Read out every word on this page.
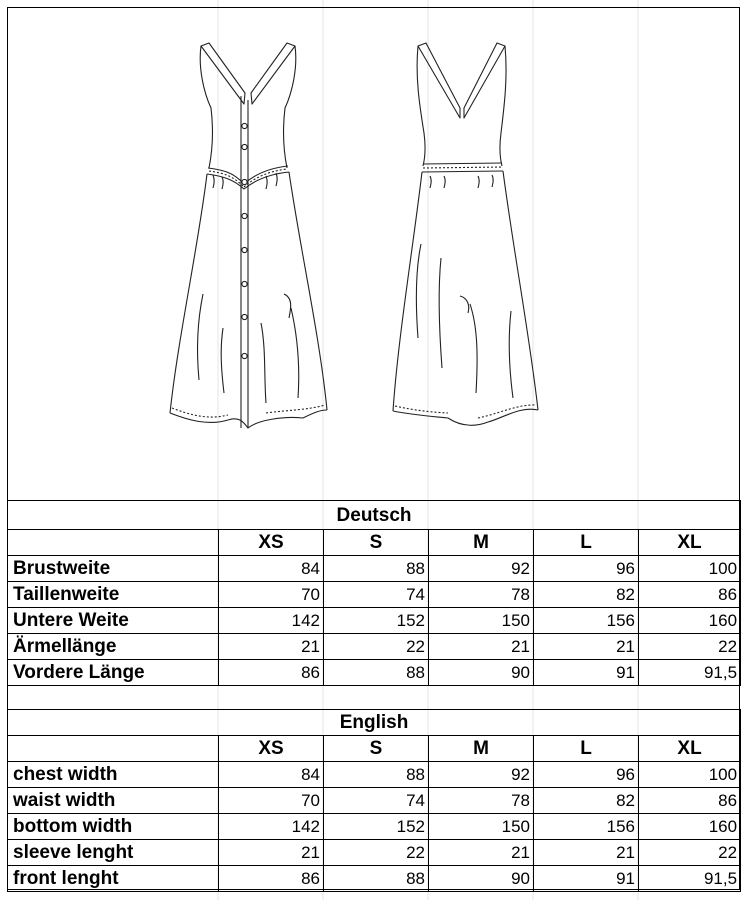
Deutsch					
	XS	S	M	L	XL
Brustweite	84	88	92	96	100
Taillenweite	70	74	78	82	86
Untere Weite	142	152	150	156	160
Ärmellänge	21	22	21	21	22
Vordere Länge	86	88	90	91	91,5
English					
	XS	S	M	L	XL
chest width	84	88	92	96	100
waist width	70	74	78	82	86
bottom width	142	152	150	156	160
sleeve lenght	21	22	21	21	22
front lenght	86	88	90	91	91,5
